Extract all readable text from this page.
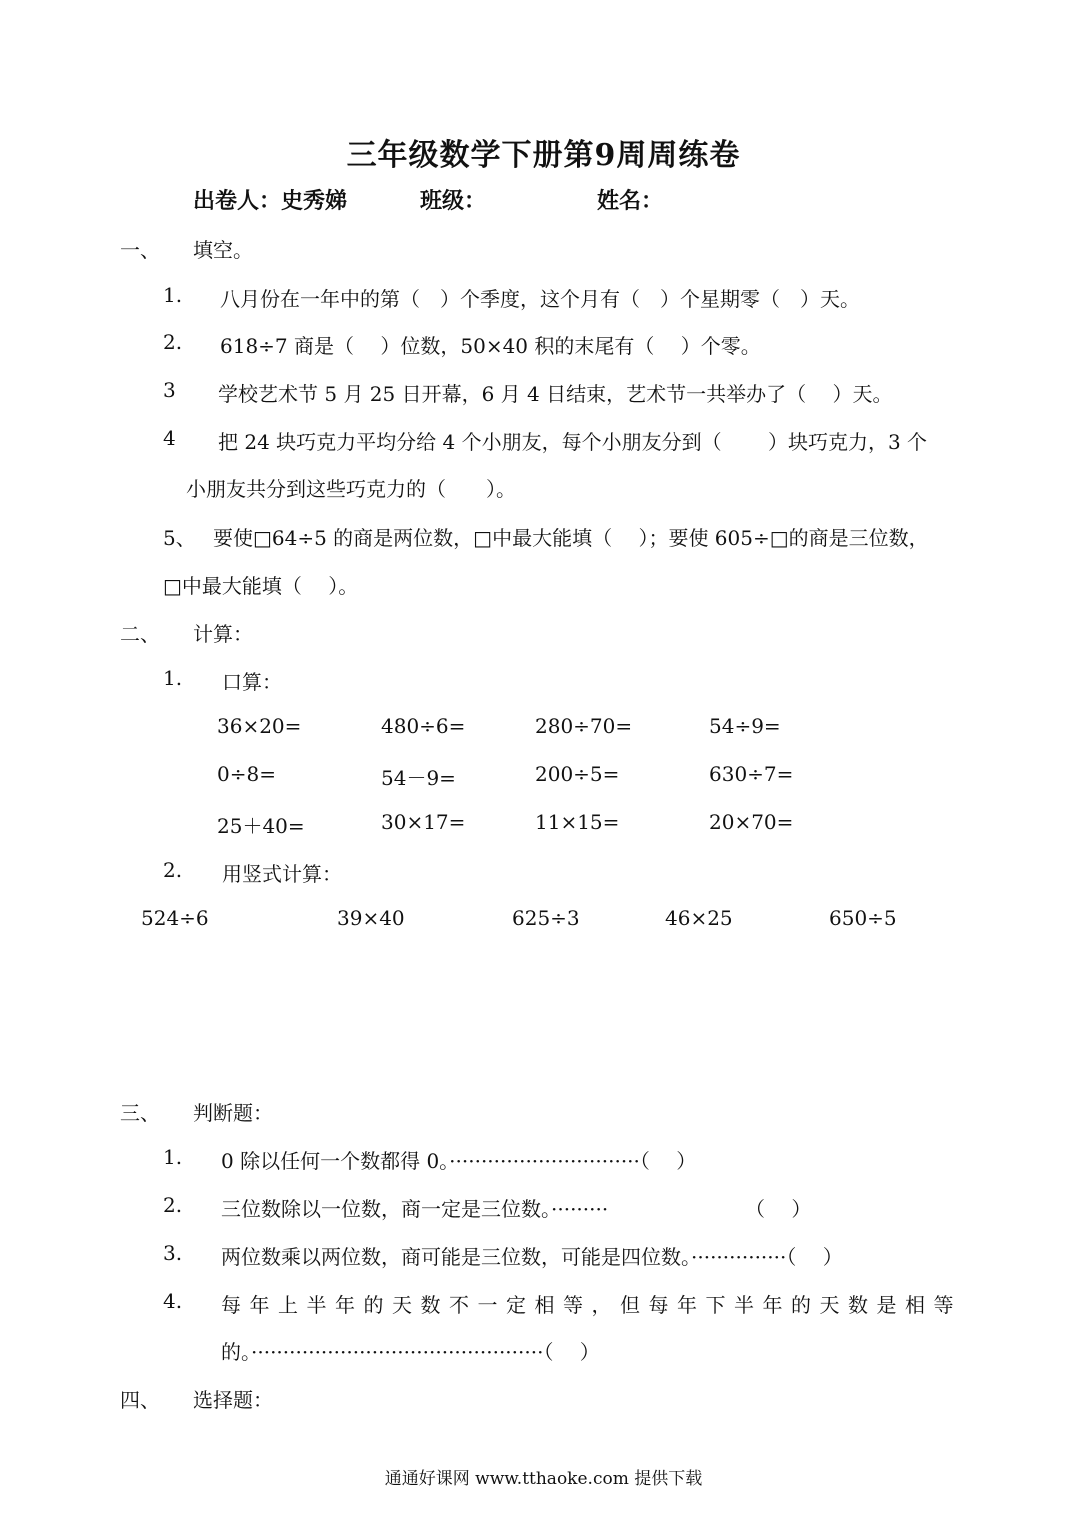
三年级数学下册第9周周练卷
出卷人：史秀娣	班级：	姓名：
一、 填空。
1. 八月份在一年中的第（　）个季度，这个月有（　）个星期零（　）天。
2. 618÷7 商是（　 ）位数，50×40 积的末尾有（　 ）个零。
3 学校艺术节 5 月 25 日开幕，6 月 4 日结束，艺术节一共举办了（　 ）天。
4 把 24 块巧克力平均分给 4 个小朋友，每个小朋友分到（　　 ）块巧克力，3 个
小朋友共分到这些巧克力的（　　）。
5、 要使□64÷5 的商是两位数，□中最大能填（　 ）；要使 605÷□的商是三位数，
□中最大能填（　 ）。
二、 计算：
1. 口算：
36×20=	480÷6=	280÷70=	54÷9=
0÷8=	54－9=	200÷5=	630÷7=
25＋40=	30×17=	11×15=	20×70=
2. 用竖式计算：
524÷6	39×40	625÷3	46×25	650÷5
三、 判断题：
1. 0 除以任何一个数都得 0。······························（　 ）
2. 三位数除以一位数，商一定是三位数。·········	（　 ）
3. 两位数乘以两位数，商可能是三位数，可能是四位数。···············（　 ）
4. 每年上半年的天数不一定相等，但每年下半年的天数是相等
的。··············································（　 ）
四、 选择题：
通通好课网 www.tthaoke.com 提供下载
